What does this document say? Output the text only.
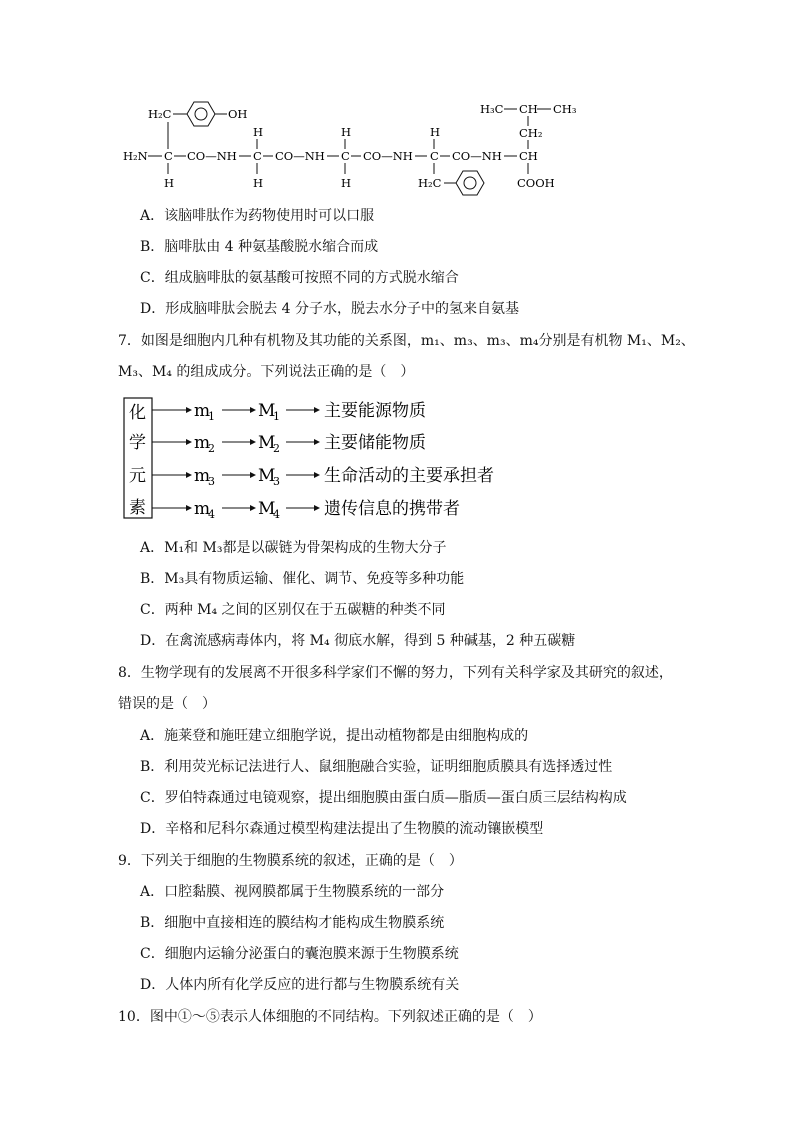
H₂C	OH
H₂N C CO—NH
H
H
C CO—NH
H
H
C CO—NH
H
H
C CO—NH
H₂C
H₃C CH CH₃
CH₂
CH
COOH
A．该脑啡肽作为药物使用时可以口服
B．脑啡肽由 4 种氨基酸脱水缩合而成
C．组成脑啡肽的氨基酸可按照不同的方式脱水缩合
D．形成脑啡肽会脱去 4 分子水，脱去水分子中的氢来自氨基
7．如图是细胞内几种有机物及其功能的关系图，m₁、m₃、m₃、m₄分别是有机物 M₁、M₂、
M₃、M₄ 的组成成分。下列说法正确的是（　）
化
学
元
素
m
1	M
1	主要能源物质
m
2	M
2	主要储能物质
m
3	M
3	生命活动的主要承担者
m
4	M
4	遗传信息的携带者
A．M₁和 M₃都是以碳链为骨架构成的生物大分子
B．M₃具有物质运输、催化、调节、免疫等多种功能
C．两种 M₄ 之间的区别仅在于五碳糖的种类不同
D．在禽流感病毒体内，将 M₄ 彻底水解，得到 5 种碱基，2 种五碳糖
8．生物学现有的发展离不开很多科学家们不懈的努力，下列有关科学家及其研究的叙述，
错误的是（　）
A．施莱登和施旺建立细胞学说，提出动植物都是由细胞构成的
B．利用荧光标记法进行人、鼠细胞融合实验，证明细胞质膜具有选择透过性
C．罗伯特森通过电镜观察，提出细胞膜由蛋白质—脂质—蛋白质三层结构构成
D．辛格和尼科尔森通过模型构建法提出了生物膜的流动镶嵌模型
9．下列关于细胞的生物膜系统的叙述，正确的是（　）
A．口腔黏膜、视网膜都属于生物膜系统的一部分
B．细胞中直接相连的膜结构才能构成生物膜系统
C．细胞内运输分泌蛋白的囊泡膜来源于生物膜系统
D．人体内所有化学反应的进行都与生物膜系统有关
10．图中①～⑤表示人体细胞的不同结构。下列叙述正确的是（　）
